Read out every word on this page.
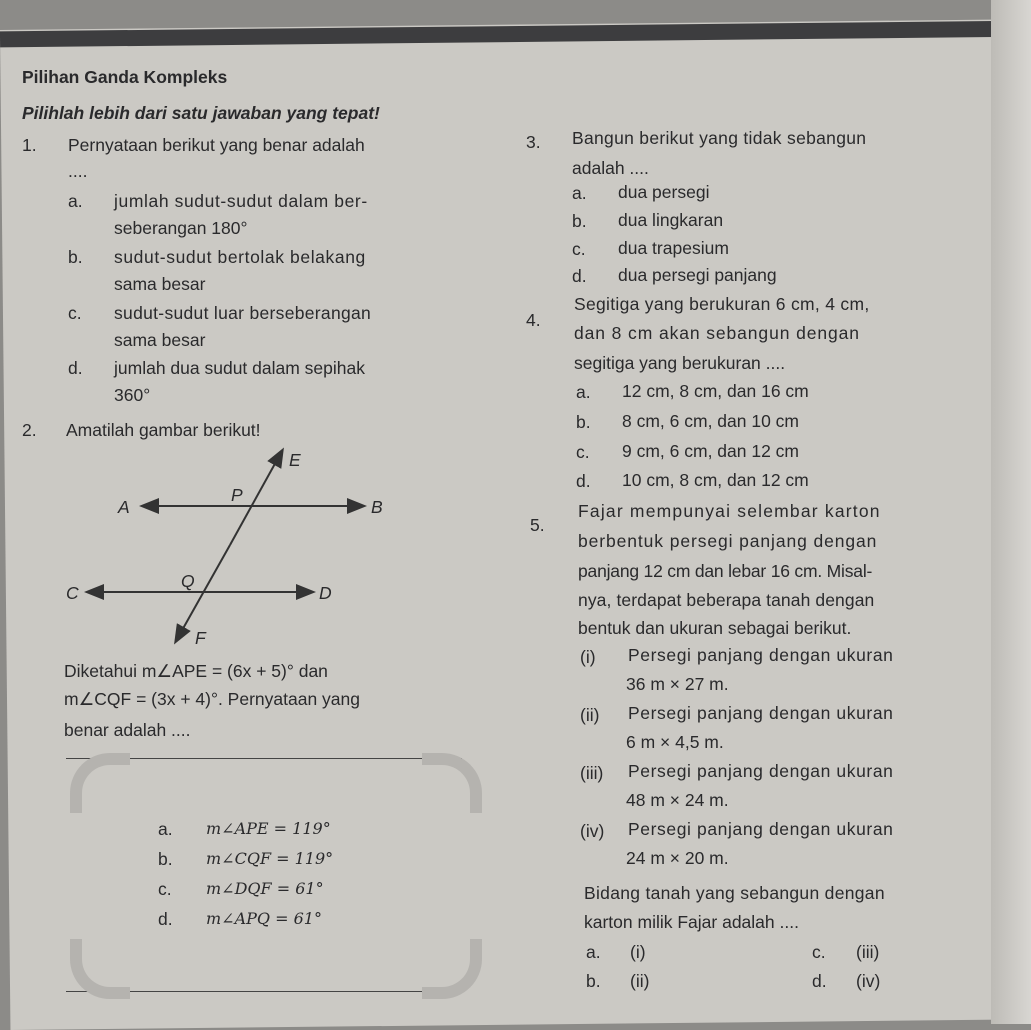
Pilihan Ganda Kompleks
Pilihlah lebih dari satu jawaban yang tepat!
1. Pernyataan berikut yang benar adalah
....
a. jumlah sudut-sudut dalam ber-
seberangan 180°
b. sudut-sudut bertolak belakang
sama besar
c. sudut-sudut luar berseberangan
sama besar
d. jumlah dua sudut dalam sepihak
360°
2. Amatilah gambar berikut!
A	B
C	D
E
F
P
Q
Diketahui m∠APE = (6x + 5)° dan
m∠CQF = (3x + 4)°. Pernyataan yang
benar adalah ....
a. m∠APE = 119°
b. m∠CQF = 119°
c. m∠DQF = 61°
d. m∠APQ = 61°
3. Bangun berikut yang tidak sebangun
adalah ....
a. dua persegi
b. dua lingkaran
c. dua trapesium
d. dua persegi panjang
4.
Segitiga yang berukuran 6 cm, 4 cm,
dan 8 cm akan sebangun dengan
segitiga yang berukuran ....
a. 12 cm, 8 cm, dan 16 cm
b. 8 cm, 6 cm, dan 10 cm
c. 9 cm, 6 cm, dan 12 cm
d. 10 cm, 8 cm, dan 12 cm
5.
Fajar mempunyai selembar karton
berbentuk persegi panjang dengan
panjang 12 cm dan lebar 16 cm. Misal-
nya, terdapat beberapa tanah dengan
bentuk dan ukuran sebagai berikut.
(i) Persegi panjang dengan ukuran
36 m × 27 m.
(ii) Persegi panjang dengan ukuran
6 m × 4,5 m.
(iii) Persegi panjang dengan ukuran
48 m × 24 m.
(iv) Persegi panjang dengan ukuran
24 m × 20 m.
Bidang tanah yang sebangun dengan
karton milik Fajar adalah ....
a. (i)	c. (iii)
b. (ii)	d. (iv)
